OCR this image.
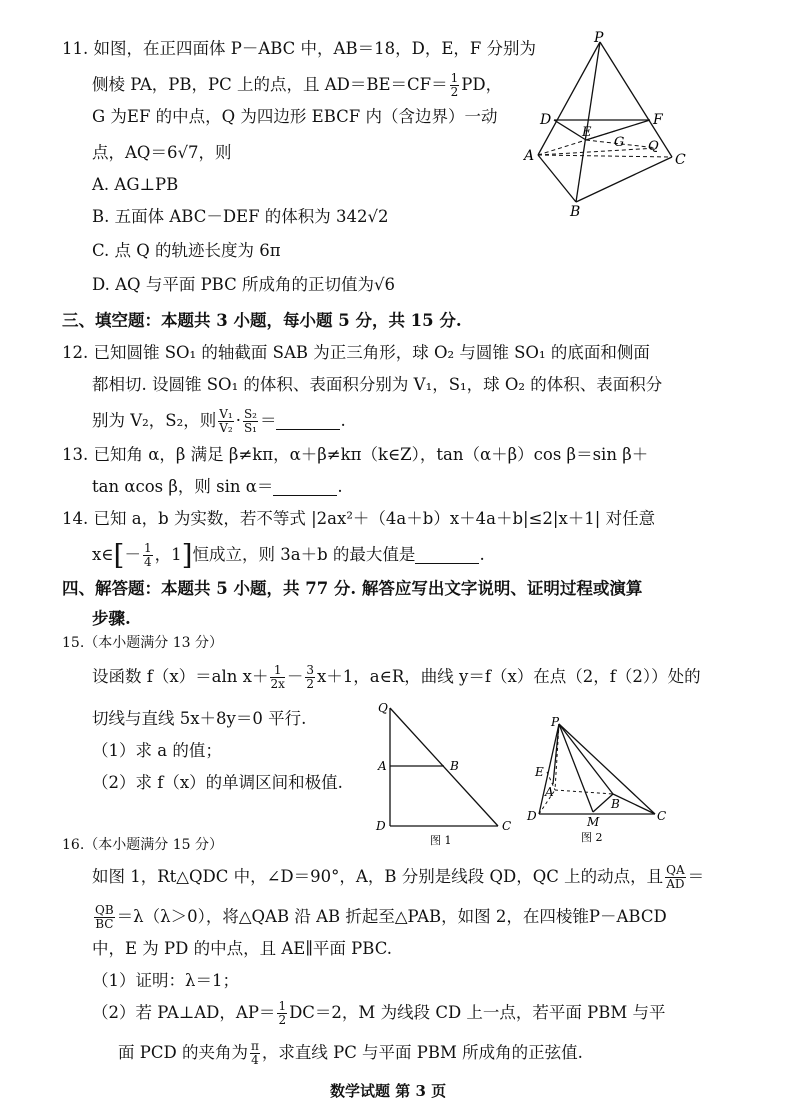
11. 如图，在正四面体 P－ABC 中，AB＝18，D，E，F 分别为
侧棱 PA，PB，PC 上的点，且 $AD=BE=CF= \frac{1}{2}$ PD，
G 为EF 的中点，Q 为四边形 EBCF 内（含边界）一动
点，AQ＝6√7，则
A. AG⊥PB
B. 五面体 ABC－DEF 的体积为 342√2
C. 点 Q 的轨迹长度为 6π
D. AQ 与平面 PBC 所成角的正切值为√6
P
D	F
E
G Q
A	C
B
三、填空题：本题共 3 小题，每小题 5 分，共 15 分.
12. 已知圆锥 SO₁ 的轴截面 SAB 为正三角形，球 O₂ 与圆锥 SO₁ 的底面和侧面
都相切. 设圆锥 SO₁ 的体积、表面积分别为 V₁，S₁，球 O₂ 的体积、表面积分
别为 V₂，S₂，则 $\frac{\text{V₁}}{\text{V₂}} \cdot \frac{\text{S₂}}{\text{S₁}}$ ＝	.
13. 已知角 α，β 满足 β≠kπ，α＋β≠kπ（k∈Z），tan（α＋β）cos β＝sin β＋
tan αcos β，则 sin α＝	.
14. 已知 a，b 为实数，若不等式 |2ax²＋（4a＋b）x＋4a＋b|≤2|x＋1| 对任意
x∈[－ $\frac{1}{4}$ ，1]恒成立，则 3a＋b 的最大值是	.
四、解答题：本题共 5 小题，共 77 分. 解答应写出文字说明、证明过程或演算
步骤.
15.（本小题满分 13 分）
设函数 f（x）＝aln $x+ \frac{1}{2x} - \frac{3}{2} x+1$，a∈R，曲线 y＝f（x）在点（2，f（2））处的
切线与直线 5x＋8y＝0 平行.
（1）求 a 的值；
（2）求 f（x）的单调区间和极值.
Q
A	B
D	C
图 1
P
E
A
B
D	M	C
图 2
16.（本小题满分 15 分）
如图 1，Rt△QDC 中，∠D＝90°，A，B 分别是线段 QD，QC 上的动点，且 $\frac{QA}{AD}$ ＝
$\frac{QB}{BC} =\lambda(\lambda>0)$，将△QAB 沿 AB 折起至△PAB，如图 2，在四棱锥P－ABCD
中，E 为 PD 的中点，且 AE∥平面 PBC.
（1）证明：λ＝1；
（2）若 PA⊥AD，$AP= \frac{1}{2} DC=2$，M 为线段 CD 上一点，若平面 PBM 与平
面 PCD 的夹角为 $\frac{\pi}{4}$ ，求直线 PC 与平面 PBM 所成角的正弦值.
数学试题 第 3 页
